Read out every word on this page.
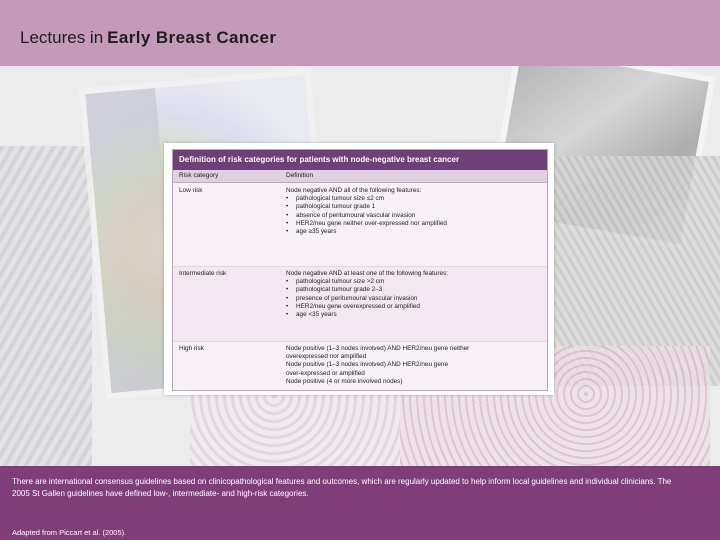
Lectures in Early Breast Cancer
Definition of risk categories for patients with node-negative breast cancer
Risk category	Definition
Low risk	Node negative AND all of the following features:
• pathological tumour size ≤2 cm
• pathological tumour grade 1
• absence of peritumoural vascular invasion
• HER2/neu gene neither over-expressed nor amplified
• age ≥35 years
Intermediate risk	Node negative AND at least one of the following features:
• pathological tumour size >2 cm
• pathological tumour grade 2–3
• presence of peritumoural vascular invasion
• HER2/neu gene overexpressed or amplified
• age <35 years
High risk	Node positive (1–3 nodes involved) AND HER2/neu gene neither
overexpressed nor amplified
Node positive (1–3 nodes involved) AND HER2/neu gene
over-expressed or amplified
Node positive (4 or more involved nodes)
There are international consensus guidelines based on clinicopathological features and outcomes, which are regularly updated to help inform local guidelines and individual clinicians. The 2005 St Gallen guidelines have defined low-, intermediate- and high-risk categories.
Adapted from Piccart et al. (2005).
